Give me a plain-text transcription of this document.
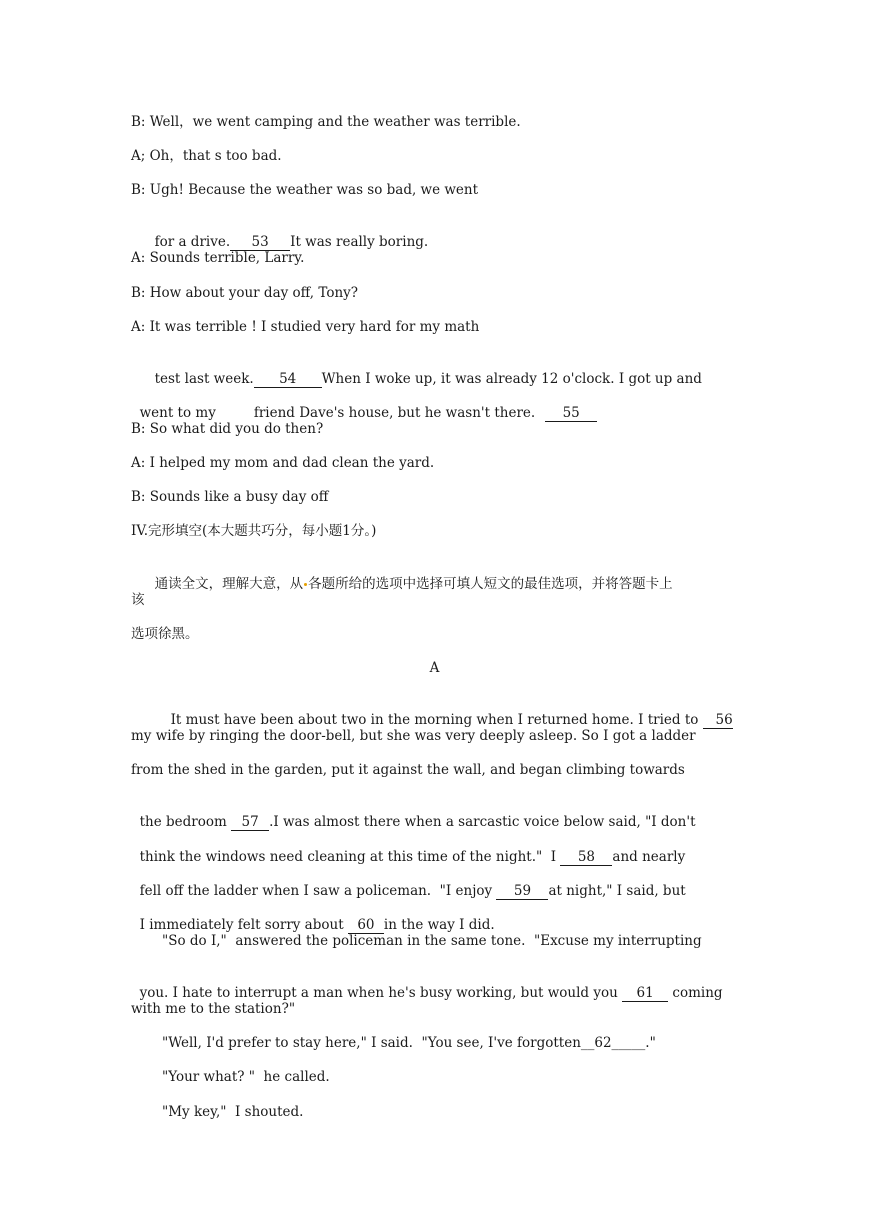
B: Well，we went camping and the weather was terrible.
A; Oh，that s too bad.
B: Ugh! Because the weather was so bad, we went

for a drive. 53 It was really boring.

A: Sounds terrible, Larry.
B: How about your day off, Tony?
A: It was terrible ! I studied very hard for my math

test last week. 54 When I woke up, it was already 12 o'clock. I got up and

went to my	friend Dave's house, but he wasn't there. 55

B: So what did you do then?
A: I helped my mom and dad clean the yard.
B: Sounds like a busy day off
IV.完形填空(本大题共巧分，每小题1分。)

通读全文，理解大意，从 各题所给的选项中选择可填人短文的最佳选项，并将答题卡上

该
选项徐黑。
A

It must have been about two in the morning when I returned home. I tried to 56

my wife by ringing the door-bell, but she was very deeply asleep. So I got a ladder
from the shed in the garden, put it against the wall, and began climbing towards

the bedroom 57 .I was almost there when a sarcastic voice below said, "I don't

think the windows need cleaning at this time of the night."  I 58 and nearly

fell off the ladder when I saw a policeman.  "I enjoy 59 at night," I said, but

I immediately felt sorry about 60 in the way I did.

"So do I,"  answered the policeman in the same tone.  "Excuse my interrupting

you. I hate to interrupt a man when he's busy working, but would you 61 coming

with me to the station?"
"Well, I'd prefer to stay here," I said.  "You see, I've forgotten__62_____."
"Your what? "  he called.
"My key,"  I shouted.
